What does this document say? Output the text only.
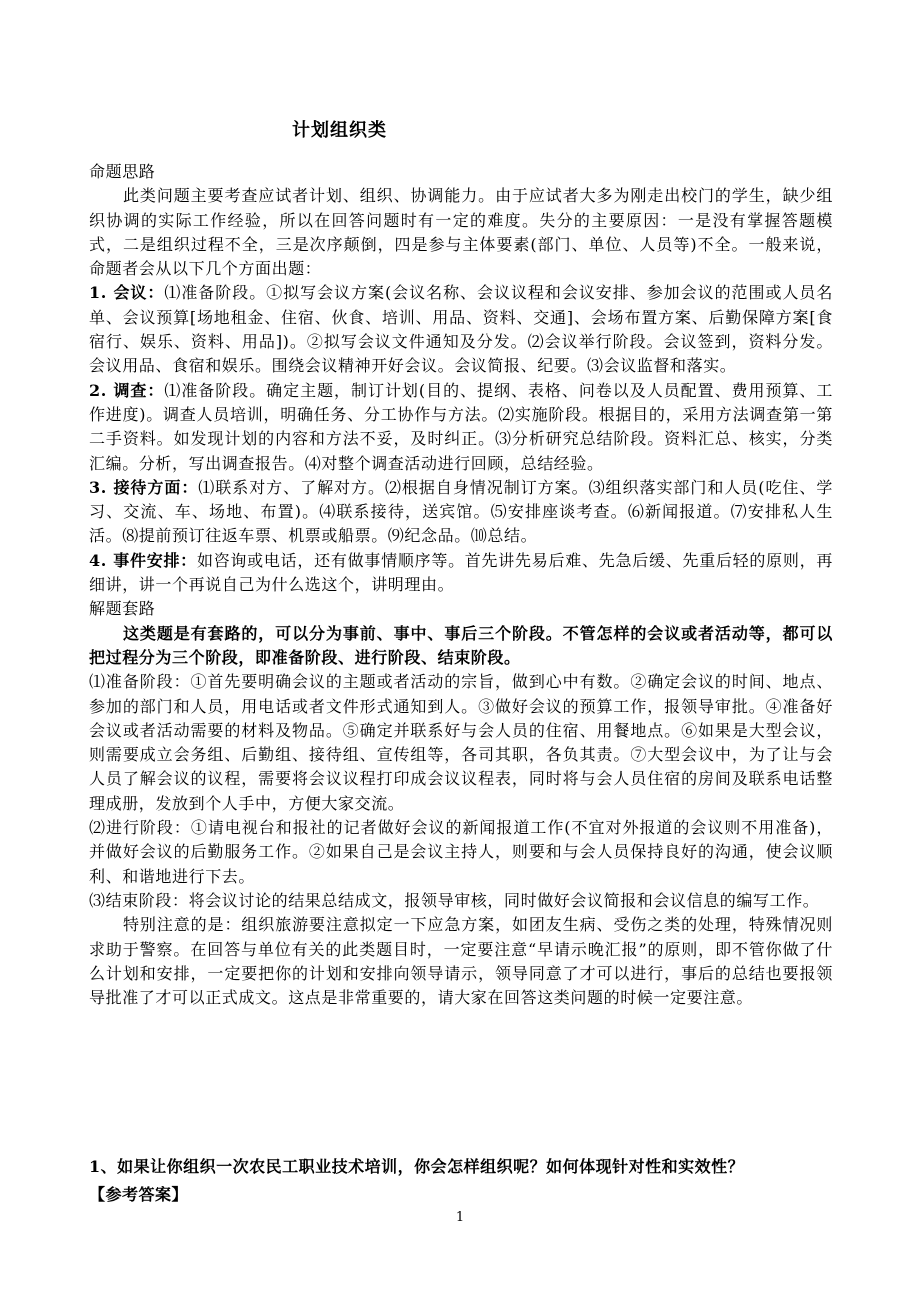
计划组织类

命题思路

此类问题主要考查应试者计划、组织、协调能力。由于应试者大多为刚走出校门的学生，缺少组织协调的实际工作经验，所以在回答问题时有一定的难度。失分的主要原因：一是没有掌握答题模式，二是组织过程不全，三是次序颠倒，四是参与主体要素(部门、单位、人员等)不全。一般来说，命题者会从以下几个方面出题：

1. 会议：⑴准备阶段。①拟写会议方案(会议名称、会议议程和会议安排、参加会议的范围或人员名单、会议预算[场地租金、住宿、伙食、培训、用品、资料、交通]、会场布置方案、后勤保障方案[食宿行、娱乐、资料、用品])。②拟写会议文件通知及分发。⑵会议举行阶段。会议签到，资料分发。会议用品、食宿和娱乐。围绕会议精神开好会议。会议简报、纪要。⑶会议监督和落实。

2. 调查：⑴准备阶段。确定主题，制订计划(目的、提纲、表格、问卷以及人员配置、费用预算、工作进度)。调查人员培训，明确任务、分工协作与方法。⑵实施阶段。根据目的，采用方法调查第一第二手资料。如发现计划的内容和方法不妥，及时纠正。⑶分析研究总结阶段。资料汇总、核实，分类汇编。分析，写出调查报告。⑷对整个调查活动进行回顾，总结经验。

3. 接待方面：⑴联系对方、了解对方。⑵根据自身情况制订方案。⑶组织落实部门和人员(吃住、学习、交流、车、场地、布置)。⑷联系接待，送宾馆。⑸安排座谈考查。⑹新闻报道。⑺安排私人生活。⑻提前预订往返车票、机票或船票。⑼纪念品。⑽总结。

4. 事件安排：如咨询或电话，还有做事情顺序等。首先讲先易后难、先急后缓、先重后轻的原则，再细讲，讲一个再说自己为什么选这个，讲明理由。

解题套路

这类题是有套路的，可以分为事前、事中、事后三个阶段。不管怎样的会议或者活动等，都可以把过程分为三个阶段，即准备阶段、进行阶段、结束阶段。

⑴准备阶段：①首先要明确会议的主题或者活动的宗旨，做到心中有数。②确定会议的时间、地点、参加的部门和人员，用电话或者文件形式通知到人。③做好会议的预算工作，报领导审批。④准备好会议或者活动需要的材料及物品。⑤确定并联系好与会人员的住宿、用餐地点。⑥如果是大型会议，则需要成立会务组、后勤组、接待组、宣传组等，各司其职，各负其责。⑦大型会议中，为了让与会人员了解会议的议程，需要将会议议程打印成会议议程表，同时将与会人员住宿的房间及联系电话整理成册，发放到个人手中，方便大家交流。

⑵进行阶段：①请电视台和报社的记者做好会议的新闻报道工作(不宜对外报道的会议则不用准备)，并做好会议的后勤服务工作。②如果自己是会议主持人，则要和与会人员保持良好的沟通，使会议顺利、和谐地进行下去。

⑶结束阶段：将会议讨论的结果总结成文，报领导审核，同时做好会议简报和会议信息的编写工作。

特别注意的是：组织旅游要注意拟定一下应急方案，如团友生病、受伤之类的处理，特殊情况则求助于警察。在回答与单位有关的此类题目时，一定要注意“早请示晚汇报”的原则，即不管你做了什么计划和安排，一定要把你的计划和安排向领导请示，领导同意了才可以进行，事后的总结也要报领导批准了才可以正式成文。这点是非常重要的，请大家在回答这类问题的时候一定要注意。

1、如果让你组织一次农民工职业技术培训，你会怎样组织呢？如何体现针对性和实效性？

【参考答案】

1
